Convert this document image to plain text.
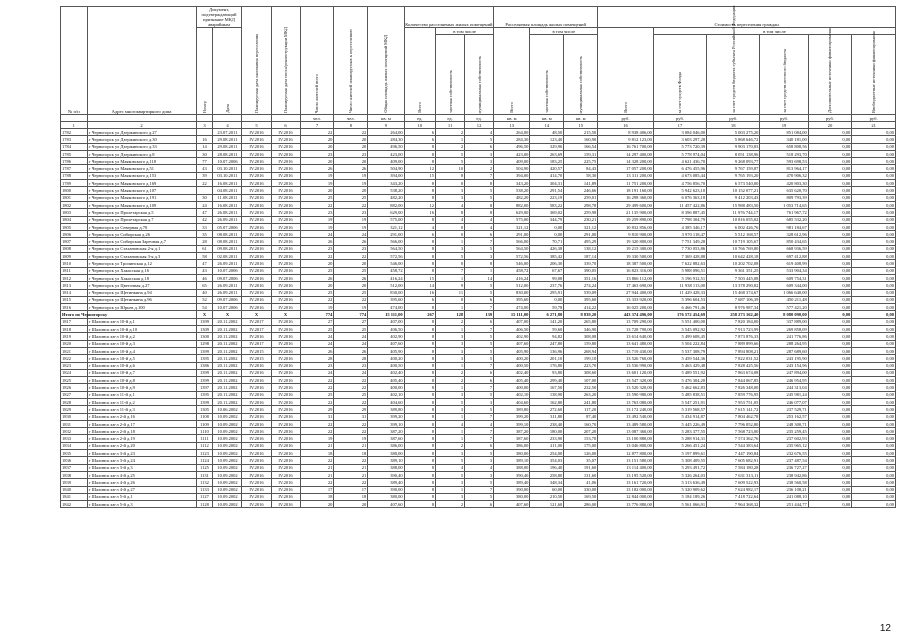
№ п/п	Адрес многоквартирного дома	Документ, подтверждающий признание МКД аварийным		Планируемая дата окончания переселения	Планируемая дата сноса/реконструкции МКД	Число жителей всего	Число жителей планируемых к переселению	Общая площадь жилых помещений МКД	Количество расселяемых жилых помещений			Расселяемая площадь жилых помещений			Стоимость переселения граждан					
		Номер	Дата						Всего	в том числе		Всего	в том числе		Всего	в том числе				
										частная собственность	муниципальная собственность		частная собственность	муниципальная собственность		за счет средств Фонда	за счет средств бюджета субъекта Российской Федерации	за счет средств местного бюджета	Дополнительные источники финансирования	Внебюджетные источники финансирования
						чел.	чел.	кв. м	ед.	ед.	ед.	кв. м	кв. м	кв. м	руб.	руб.	руб.	руб.	руб.	руб.
1	2	3	4	5	6	7	8	9	10	11	12	13	14	15	16	17	18	19	20	21
1782	г Черногорск ул Дзержинского д.27		23.07.2011	IV.2016	IV.2016	22	22	264,00	6	2	4	264,00	48,50	215,50	8 938 406,00	3 084 046,00	5 003 275,20	851 084,00	0,00	0,00
1783	г Черногорск ул Дзержинского д.30	16	29.08.2011	IV.2016	IV.2016	20	20	284,30	6	1	5	284,30	123,40	160,90	9 812 123,00	3 603 297,28	5 868 646,72	340 181,00	0,00	0,00
1784	г Черногорск ул Дзержинского д.33	14	29.08.2011	IV.2016	IV.2016	20	20	496,50	8	2	6	496,50	329,96	166,54	16 761 700,00	5 773 720,39	9 903 170,83	658 808,56	0,00	0,00
1785	г Черногорск ул Дзержинского д.8	30	28.08.2011	IV.2016	IV.2016	23	23	423,00	8	5	3	423,00	263,69	159,31	14 297 400,00	5 778 974,04	8 051 138,96	518 293,70	0,00	0,00
1786	г Черногорск ул Маяковского д.118	77	10.07.2006	IV.2016	IV.2016	20	20	409,00	8	5	3	409,00	183,25	225,75	14 328 200,00	4 621 436,70	9 268 093,77	593 698,53	0,00	0,00
1787	г Черногорск ул Маяковского д.51	43	03.10.2011	IV.2016	IV.2016	26	26	504,90	12	10	2	504,90	420,57	84,43	17 057 200,00	6 476 455,96	9 767 159,87	813 964,17	0,00	0,00
1788	г Черногорск ул Маяковского д.153	39	03.10.2011	IV.2016	IV.2016	19	19	394,00	15	8	7	394,00	414,70	58,30	13 311 200,00	4 673 085,44	9 765 193,20	470 906,32	0,00	0,00
1789	г Черногорск ул Маяковского д.169	22	16.08.2011	IV.2016	IV.2016	19	19	343,20	8	0	8	343,20	304,31	141,89	11 751 200,00	4 756 856,70	6 573 540,00	420 803,30	0,00	0,00
1800	г Черногорск ул Маяковского д.107		04.08.2011	IV.2016	IV.2016	20	20	538,20	8	3	5	538,20	291,54	246,66	18 191 160,00	5 942 623,10	10 152 077,21	635 620,70	0,00	0,00
1801	г Черногорск ул Маяковского д.191	30	11.08.2011	IV.2016	IV.2016	25	25	482,20	8	3	5	482,20	223,19	259,01	16 298 360,00	6 076 363,18	9 412 203,43	809 793,39	0,00	0,00
1802	г Черногорск ул Маяковского д.109	24	16.08.2011	IV.2016	IV.2016	22	22	882,00	12	4	8	882,00	583,22	298,78	29 499 600,00	11 457 422,86	15 988 483,50	1 053 714,65	0,00	0,00
1803	г Черногорск ул Пролетарская д.5	47	26.08.2011	IV.2016	IV.2016	23	23	629,00	16	8	8	629,00	369,02	259,98	21 135 900,00	8 396 887,45	11 976 744,17	761 967,72	0,00	0,00
1804	г Черногорск ул Пролетарская д.7	42	26.09.2011	IV.2016	IV.2016	19	19	575,00	8	4	4	575,00	344,79	230,21	19 259 890,00	7 798 304,79	10 816 055,02	685 532,20	0,00	0,00
1805	г Черногорск ул Северная д.70	33	05.07.2006	IV.2016	IV.2016	19	19	321,12	4	0	4	321,12	0,00	321,12	10 832 856,00	4 385 346,17	6 002 426,76	981 184,67	0,00	0,00
1806	г Черногорск ул Сибирская д.26	35	08.08.2011	IV.2016	IV.2016	24	24	291,00	6	0	6	291,00	0,00	291,00	9 810 900,00	3 970 118,47	5 512 168,57	328 612,96	0,00	0,00
1807	г Черногорск ул Сибирская Заречная д.7	28	08.08.2011	IV.2016	IV.2016	26	26	566,00	8	1	7	566,00	70,71	495,29	19 320 800,00	7 751 349,28	10 719 105,67	850 434,65	0,00	0,00
1808	г Черногорск ул Стахановская 2-я д.1	61	09.08.2011	IV.2016	IV.2016	23	23	564,50	8	3	5	564,50	426,38	138,12	19 215 300,00	7 730 053,86	10 766 769,80	668 936,59	0,00	0,00
1809	г Черногорск ул Стахановская 3-я д.3	58	02.08.2011	IV.2016	IV.2016	22	22	572,56	8	5	3	572,56	385,42	187,14	19 330 500,00	7 369 428,88	10 642 428,18	697 412,88	0,00	0,00
1810	г Черногорск ул Тропинская д.12	47	26.09.2011	IV.2016	IV.2016	20	20	546,00	8	0	8	546,00	206,30	339,70	18 387 500,00	7 622 882,63	10 202 702,08	619 408,99	0,00	0,00
1811	г Черногорск ул Хакасская д.16	43	10.07.2006	IV.2016	IV.2016	25	25	458,72	8	7	1	458,72	67,67	390,05	16 823 316,00	5 988 096,51	9 361 351,25	533 904,34	0,00	0,00
1812	г Черногорск ул Хакасская д.18	46	09.07.2006	IV.2016	IV.2016	26	26	416,24	15	1	14	416,24	99,08	351,16	13 866 112,00	5 196 912,51	7 503 445,08	609 754,31	0,00	0,00
1813	г Черногорск ул Цветочная д.27	65	26.09.2011	IV.2016	IV.2016	20	20	512,00	14	9	5	512,00	237,76	274,24	17 463 690,00	11 938 113,00	13 378 290,82	609 344,00	0,00	0,00
1814	г Черногорск ул Щетинкина д.94	40	26.09.2011	IV.2016	IV.2016	25	25	830,00	16	11	5	830,00	295,91	539,09	27 944 400,00	11 429 428,33	15 468 374,67	1 066 640,00	0,00	0,00
1815	г Черногорск ул Щетинкина д.96	52	09.07.2006	IV.2016	IV.2016	22	22	395,60	6	0	6	395,60	0,00	395,60	13 333 920,00	5 396 604,53	7 687 106,39	450 211,48	0,00	0,00
1816	г Черногорск ул Юрьев д.100	54	10.07.2006	IV.2016	IV.2016	19	19	474,00	8	1	7	474,00	59,78	414,22	16 025 200,00	6 466 791,46	8 976 987,34	577 421,20	0,00	0,00
Итого по Черногорску		X	X	X	X	774	774	15 111,00	267	128	139	15 111,00	6 271,80	8 839,20	443 374 496,00	176 572 454,69	258 273 162,40	8 080 090,00	0,00	0,00
1817	г Шалинск кв-л 10-й д.1	1399	20.11.2002	IV.2017	IV.2016	27	27	407,00	8	2	6	407,00	141,20	265,80	13 709 290,00	5 551 400,00	7 820 184,00	337 889,00	0,00	0,00
1818	г Шалинск кв-л 10-й д.10	1309	20.11.2002	IV.2017	IV.2016	25	25	406,50	8	1	7	406,50	59,60	346,90	13 728 790,00	5 545 092,92	7 913 723,99	269 858,09	0,00	0,00
1819	г Шалинск кв-л 10-й д.2	1300	20.11.2002	IV.2016	IV.2016	24	24	402,90	8	3	5	402,90	94,82	308,08	13 614 640,00	5 499 608,45	7 873 876,33	241 776,86	0,00	0,00
1820	г Шалинск кв-л 10-й д.3	1298	20.11.2002	IV.2017	IV.2016	24	24	407,60	8	3	5	407,60	247,80	159,80	13 641 480,00	5 504 222,84	7 889 899,66	288 264,95	0,00	0,00
1821	г Шалинск кв-л 10-й д.4	1399	20.11.2002	IV.2015	IV.2016	26	26	405,90	8	3	5	405,90	136,96	268,94	13 719 430,00	5 537 308,79	7 894 808,21	287 689,60	0,00	0,00
1822	г Шалинск кв-л 10-й д.5	1395	20.11.2002	IV.2015	IV.2016	28	28	400,20	8	3	5	400,20	201,10	199,10	13 526 760,00	5 459 544,36	7 822 031,52	243 195,90	0,00	0,00
1823	г Шалинск кв-л 10-й д.6	1386	20.11.2002	IV.2016	IV.2016	23	23	400,50	8	1	7	400,50	176,80	223,70	13 536 990,00	5 463 429,48	7 828 425,56	243 154,96	0,00	0,00
1824	г Шалинск кв-л 10-й д.7	1399	20.11.2002	IV.2016	IV.2016	24	24	402,40	8	2	6	402,40	93,80	308,60	13 601 120,00	5 489 551,92	7 863 674,08	247 894,00	0,00	0,00
1825	г Шалинск кв-л 10-й д.8	1399	20.11.2002	IV.2016	IV.2016	22	22	405,40	8	2	6	405,40	299,40	107,00	13 547 320,00	5 476 304,20	7 844 067,85	246 954,95	0,00	0,00
1826	г Шалинск кв-л 10-й д.9	1397	20.11.2002	IV.2016	IV.2016	22	22	400,00	8	1	7	400,00	167,50	232,50	13 520 320,00	5 462 662,83	7 826 348,00	244 313,04	0,00	0,00
1827	г Шалинск кв-л 11-й д.1	1395	20.11.2002	IV.2016	IV.2016	25	25	402,10	8	3	5	402,10	138,90	263,20	13 590 980,00	5 485 838,51	7 859 776,95	245 981,24	0,00	0,00
1828	г Шалинск кв-л 11-й д.2	1399	20.11.2002	IV.2016	IV.2016	22	22	404,60	8	5	3	404,60	162,80	241,80	13 763 080,00	5 547 251,91	7 953 751,05	246 077,07	0,00	0,00
1829	г Шалинск кв-л 11-й д.3	1305	10.06.2002	IV.2016	IV.2016	29	29	389,80	8	3	5	389,80	272,60	117,20	13 172 240,00	5 319 568,57	7 615 141,72	237 529,71	0,00	0,00
1830	г Шалинск кв-л 2-й д.16	1108	10.09.2002	IV.2016	IV.2016	31	31	399,20	8	1	7	399,20	311,80	87,40	13 492 540,00	5 434 914,87	7 804 462,78	253 162,57	0,00	0,00
1831	г Шалинск кв-л 2-й д.17	1109	10.09.2002	IV.2016	IV.2016	22	22	399,10	8	4	4	399,10	238,40	160,70	13 489 580,00	5 445 226,49	7 796 052,80	248 300,71	0,00	0,00
1832	г Шалинск кв-л 2-й д.18	1110	10.09.2002	IV.2016	IV.2016	22	22	387,20	8	1	7	387,20	180,00	207,20	13 087 360,00	5 283 377,55	7 568 723,00	235 259,45	0,00	0,00
1833	г Шалинск кв-л 2-й д.19	1111	10.09.2002	IV.2016	IV.2016	19	19	387,60	8	1	7	387,60	233,90	153,70	13 100 880,00	5 288 914,31	7 574 362,76	237 602,93	0,00	0,00
1834	г Шалинск кв-л 2-й д.20	1112	10.09.2002	IV.2016	IV.2016	21	21	386,00	8	2	6	386,00	211,00	175,00	13 046 800,00	5 266 451,24	7 544 383,64	235 965,12	0,00	0,00
1835	г Шалинск кв-л 3-й д.23	1123	10.09.2002	IV.2016	IV.2016	18	18	380,00	8	3	5	380,00	254,00	126,00	12 877 800,00	5 197 899,61	7 447 190,84	232 676,55	0,00	0,00
1836	г Шалинск кв-л 3-й д.24	1124	10.09.2002	IV.2016	IV.2016	22	22	389,10	8	5	3	389,10	354,03	35,07	13 151 580,00	5 308 409,55	7 605 682,91	237 487,54	0,00	0,00
1837	г Шалинск кв-л 3-й д.3	1125	10.09.2002	IV.2016	IV.2016	21	21	388,00	8	4	4	388,00	196,40	191,60	13 114 400,00	5 293 491,72	7 584 180,28	236 727,27	0,00	0,00
1838	г Шалинск кв-л 4-й д.25	1131	10.09.2002	IV.2016	IV.2016	21	21	390,40	8	5	3	390,40	258,80	131,60	13 195 520,00	5 326 264,03	7 631 313,11	238 942,86	0,00	0,00
1839	г Шалинск кв-л 4-й д.26	1132	10.09.2002	IV.2016	IV.2016	22	22	389,40	8	3	5	389,40	348,34	41,06	13 161 720,00	5 313 636,49	7 609 522,93	238 560,58	0,00	0,00
1840	г Шалинск кв-л 4-й д.27	1133	10.09.2002	IV.2016	IV.2016	17	17	390,00	8	1	7	390,00	60,00	330,00	13 182 000,00	5 320 909,62	7 624 982,17	236 108,21	0,00	0,00
1841	г Шалинск кв-л 5-й д.1	1127	10.09.2002	IV.2016	IV.2016	18	18	380,00	8	3	5	380,00	210,50	169,50	12 844 000,00	5 184 189,26	7 418 722,64	241 088,10	0,00	0,00
1842	г Шалинск кв-л 5-й д.3	1128	10.09.2002	IV.2016	IV.2016	20	20	407,60	8	2	6	407,60	121,60	286,00	13 776 880,00	5 561 066,91	7 964 368,32	251 444,77	0,00	0,00
12
